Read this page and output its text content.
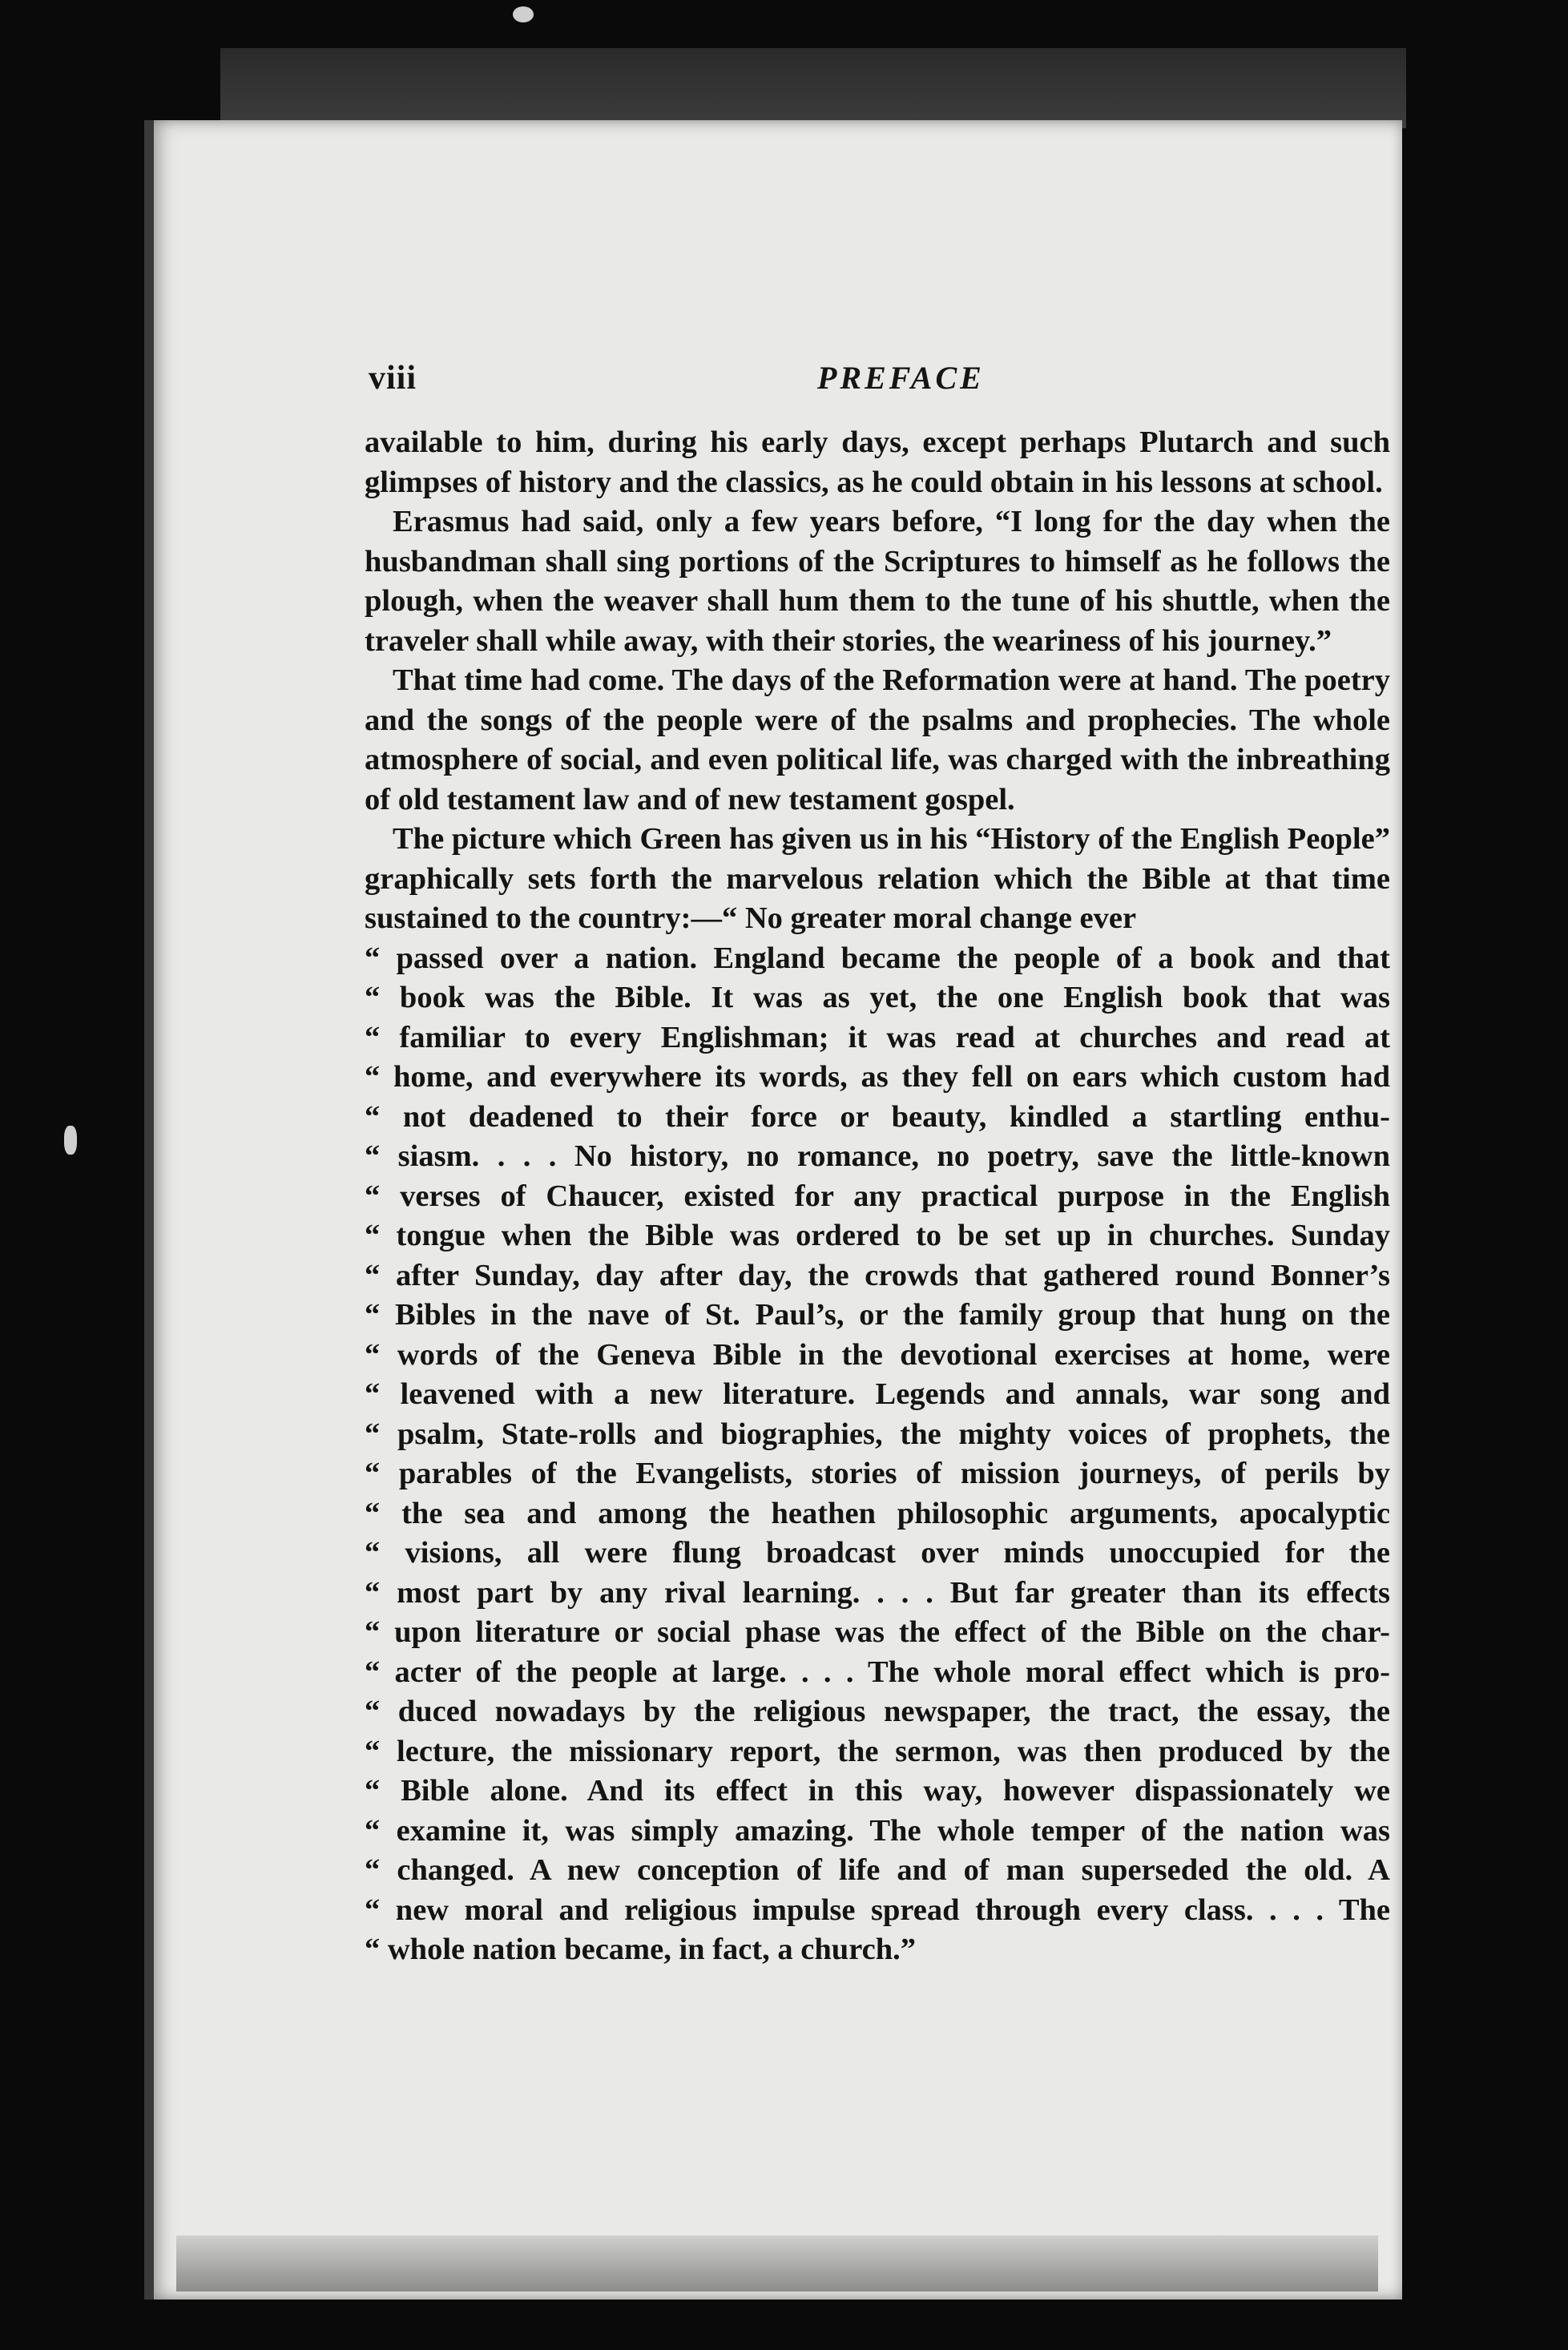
viii	PREFACE

available to him, during his early days, except perhaps Plutarch and such glimpses of history and the classics, as he could obtain in his lessons at school.

Erasmus had said, only a few years before, “I long for the day when the husbandman shall sing portions of the Scriptures to himself as he follows the plough, when the weaver shall hum them to the tune of his shuttle, when the traveler shall while away, with their stories, the weariness of his journey.”

That time had come. The days of the Reformation were at hand. The poetry and the songs of the people were of the psalms and prophecies. The whole atmosphere of social, and even political life, was charged with the inbreathing of old testament law and of new testament gospel.

The picture which Green has given us in his “History of the English People” graphically sets forth the marvelous relation which the Bible at that time sustained to the country:—“ No greater moral change ever

“ passed over a nation. England became the people of a book and that
“ book was the Bible. It was as yet, the one English book that was
“ familiar to every Englishman; it was read at churches and read at
“ home, and everywhere its words, as they fell on ears which custom had
“ not deadened to their force or beauty, kindled a startling enthu-
“ siasm. . . . No history, no romance, no poetry, save the little-known
“ verses of Chaucer, existed for any practical purpose in the English
“ tongue when the Bible was ordered to be set up in churches. Sunday
“ after Sunday, day after day, the crowds that gathered round Bonner’s
“ Bibles in the nave of St. Paul’s, or the family group that hung on the
“ words of the Geneva Bible in the devotional exercises at home, were
“ leavened with a new literature. Legends and annals, war song and
“ psalm, State-rolls and biographies, the mighty voices of prophets, the
“ parables of the Evangelists, stories of mission journeys, of perils by
“ the sea and among the heathen philosophic arguments, apocalyptic
“ visions, all were flung broadcast over minds unoccupied for the
“ most part by any rival learning. . . . But far greater than its effects
“ upon literature or social phase was the effect of the Bible on the char-
“ acter of the people at large. . . . The whole moral effect which is pro-
“ duced nowadays by the religious newspaper, the tract, the essay, the
“ lecture, the missionary report, the sermon, was then produced by the
“ Bible alone. And its effect in this way, however dispassionately we
“ examine it, was simply amazing. The whole temper of the nation was
“ changed. A new conception of life and of man superseded the old. A
“ new moral and religious impulse spread through every class. . . . The
“ whole nation became, in fact, a church.”
